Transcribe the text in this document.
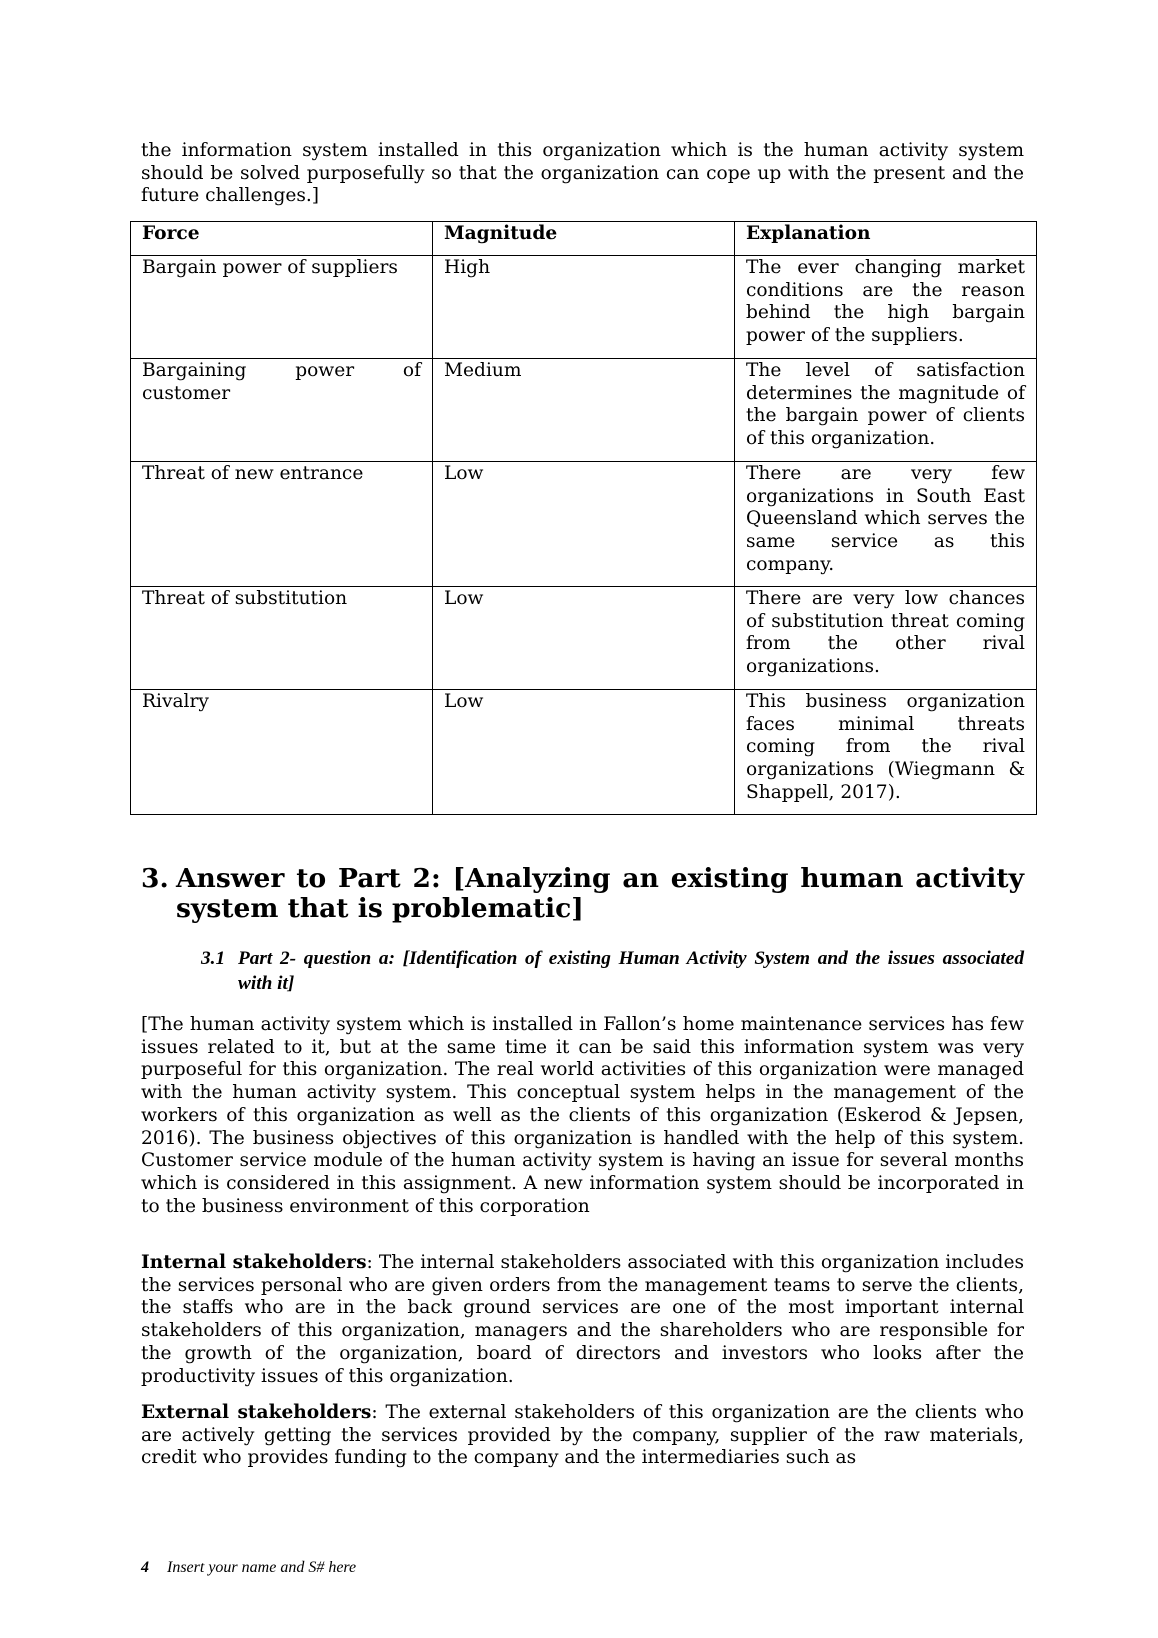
the information system installed in this organization which is the human activity system should be solved purposefully so that the organization can cope up with the present and the future challenges.]

Force	Magnitude	Explanation
Bargain power of suppliers	High	The ever changing market conditions are the reason behind the high bargain power of the suppliers.
Bargaining power of customer	Medium	The level of satisfaction determines the magnitude of the bargain power of clients of this organization.
Threat of new entrance	Low	There are very few organizations in South East Queensland which serves the same service as this company.
Threat of substitution	Low	There are very low chances of substitution threat coming from the other rival organizations.
Rivalry	Low	This business organization faces minimal threats coming from the rival organizations (Wiegmann & Shappell, 2017).
3. Answer to Part 2: [Analyzing an existing human activity system that is problematic]
3.1 Part 2- question a: [Identification of existing Human Activity System and the issues associated with it]

[The human activity system which is installed in Fallon’s home maintenance services has few issues related to it, but at the same time it can be said this information system was very purposeful for this organization. The real world activities of this organization were managed with the human activity system. This conceptual system helps in the management of the workers of this organization as well as the clients of this organization (Eskerod & Jepsen, 2016). The business objectives of this organization is handled with the help of this system. Customer service module of the human activity system is having an issue for several months which is considered in this assignment. A new information system should be incorporated in to the business environment of this corporation

Internal stakeholders: The internal stakeholders associated with this organization includes the services personal who are given orders from the management teams to serve the clients, the staffs who are in the back ground services are one of the most important internal stakeholders of this organization, managers and the shareholders who are responsible for the growth of the organization, board of directors and investors who looks after the productivity issues of this organization.

External stakeholders: The external stakeholders of this organization are the clients who are actively getting the services provided by the company, supplier of the raw materials, credit who provides funding to the company and the intermediaries such as

4 Insert your name and S# here
